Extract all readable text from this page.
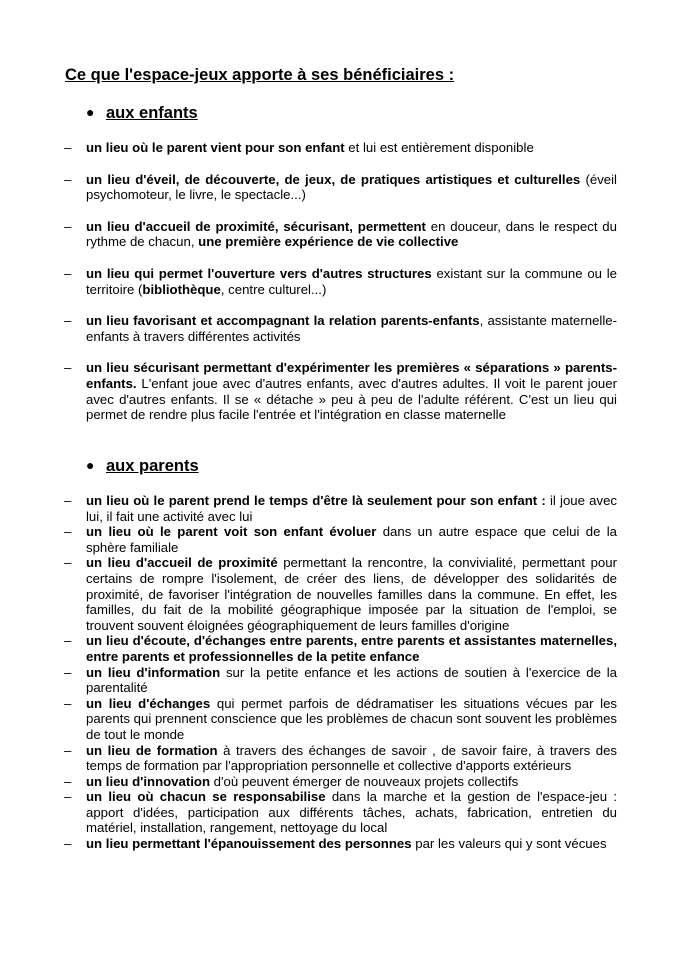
Ce que l'espace-jeux apporte à ses bénéficiaires :
● aux enfants
– un lieu où le parent vient pour son enfant et lui est entièrement disponible
– un lieu d'éveil, de découverte, de jeux, de pratiques artistiques et culturelles (éveil psychomoteur, le livre, le spectacle...)
– un lieu d'accueil de proximité, sécurisant, permettent en douceur, dans le respect du rythme de chacun, une première expérience de vie collective
– un lieu qui permet l'ouverture vers d'autres structures existant sur la commune ou le territoire (bibliothèque, centre culturel...)
– un lieu favorisant et accompagnant la relation parents-enfants, assistante maternelle-enfants à travers différentes activités
– un lieu sécurisant permettant d'expérimenter les premières « séparations » parents-enfants. L'enfant joue avec d'autres enfants, avec d'autres adultes. Il voit le parent jouer avec d'autres enfants. Il se « détache » peu à peu de l'adulte référent. C'est un lieu qui permet de rendre plus facile l'entrée et l'intégration en classe maternelle
● aux parents
– un lieu où le parent prend le temps d'être là seulement pour son enfant : il joue avec lui, il fait une activité avec lui
– un lieu où le parent voit son enfant évoluer dans un autre espace que celui de la sphère familiale
– un lieu d'accueil de proximité permettant la rencontre, la convivialité, permettant pour certains de rompre l'isolement, de créer des liens, de développer des solidarités de proximité, de favoriser l'intégration de nouvelles familles dans la commune. En effet, les familles, du fait de la mobilité géographique imposée par la situation de l'emploi, se trouvent souvent éloignées géographiquement de leurs familles d'origine
– un lieu d'écoute, d'échanges entre parents, entre parents et assistantes maternelles, entre parents et professionnelles de la petite enfance
– un lieu d'information sur la petite enfance et les actions de soutien à l'exercice de la parentalité
– un lieu d'échanges qui permet parfois de dédramatiser les situations vécues par les parents qui prennent conscience que les problèmes de chacun sont souvent les problèmes de tout le monde
– un lieu de formation à travers des échanges de savoir , de savoir faire, à travers des temps de formation par l'appropriation personnelle et collective d'apports extérieurs
– un lieu d'innovation d'où peuvent émerger de nouveaux projets collectifs
– un lieu où chacun se responsabilise dans la marche et la gestion de l'espace-jeu : apport d'idées, participation aux différents tâches, achats, fabrication, entretien du matériel, installation, rangement, nettoyage du local
– un lieu permettant l'épanouissement des personnes par les valeurs qui y sont vécues
